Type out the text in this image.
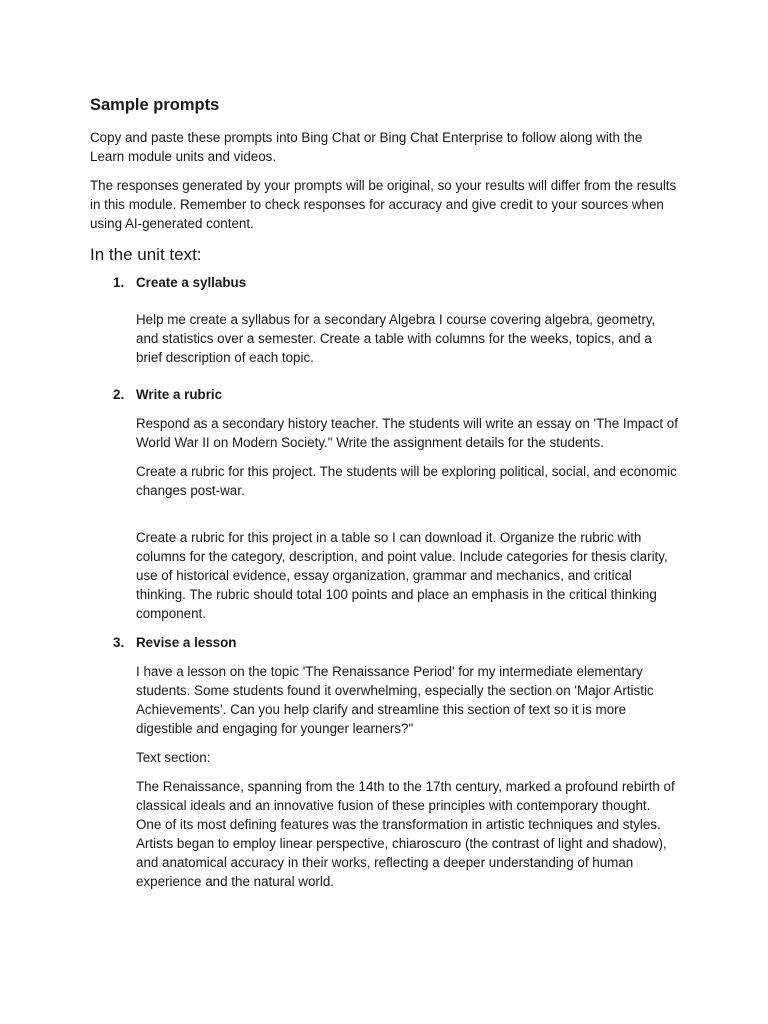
Sample prompts

Copy and paste these prompts into Bing Chat or Bing Chat Enterprise to follow along with the Learn module units and videos.

The responses generated by your prompts will be original, so your results will differ from the results in this module. Remember to check responses for accuracy and give credit to your sources when using AI-generated content.

In the unit text:
1. Create a syllabus

Help me create a syllabus for a secondary Algebra I course covering algebra, geometry, and statistics over a semester. Create a table with columns for the weeks, topics, and a brief description of each topic.

2. Write a rubric

Respond as a secondary history teacher. The students will write an essay on 'The Impact of World War II on Modern Society." Write the assignment details for the students.

Create a rubric for this project. The students will be exploring political, social, and economic changes post-war.

Create a rubric for this project in a table so I can download it. Organize the rubric with columns for the category, description, and point value. Include categories for thesis clarity, use of historical evidence, essay organization, grammar and mechanics, and critical thinking. The rubric should total 100 points and place an emphasis in the critical thinking component.

3. Revise a lesson

I have a lesson on the topic 'The Renaissance Period' for my intermediate elementary students. Some students found it overwhelming, especially the section on 'Major Artistic Achievements'. Can you help clarify and streamline this section of text so it is more digestible and engaging for younger learners?"

Text section:

The Renaissance, spanning from the 14th to the 17th century, marked a profound rebirth of classical ideals and an innovative fusion of these principles with contemporary thought. One of its most defining features was the transformation in artistic techniques and styles. Artists began to employ linear perspective, chiaroscuro (the contrast of light and shadow), and anatomical accuracy in their works, reflecting a deeper understanding of human experience and the natural world.
